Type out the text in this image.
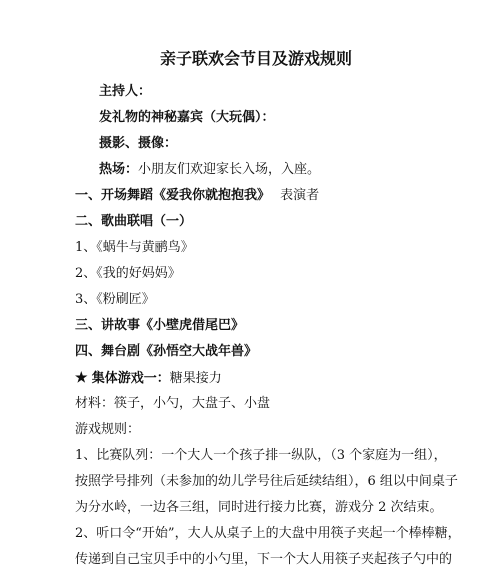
亲子联欢会节目及游戏规则
主持人：
发礼物的神秘嘉宾（大玩偶）：
摄影、摄像：
热场：小朋友们欢迎家长入场，入座。
一、开场舞蹈《爱我你就抱抱我》 表演者
二、歌曲联唱（一）
1、《蜗牛与黄鹂鸟》
2、《我的好妈妈》
3、《粉刷匠》
三、讲故事《小壁虎借尾巴》
四、舞台剧《孙悟空大战年兽》
★ 集体游戏一：糖果接力
材料：筷子，小勺，大盘子、小盘
游戏规则：
1、比赛队列：一个大人一个孩子排一纵队，（3 个家庭为一组），
按照学号排列（未参加的幼儿学号往后延续结组），6 组以中间桌子
为分水岭，一边各三组，同时进行接力比赛，游戏分 2 次结束。
2、听口令“开始”，大人从桌子上的大盘中用筷子夹起一个棒棒糖，
传递到自己宝贝手中的小勺里，下一个大人用筷子夹起孩子勺中的
